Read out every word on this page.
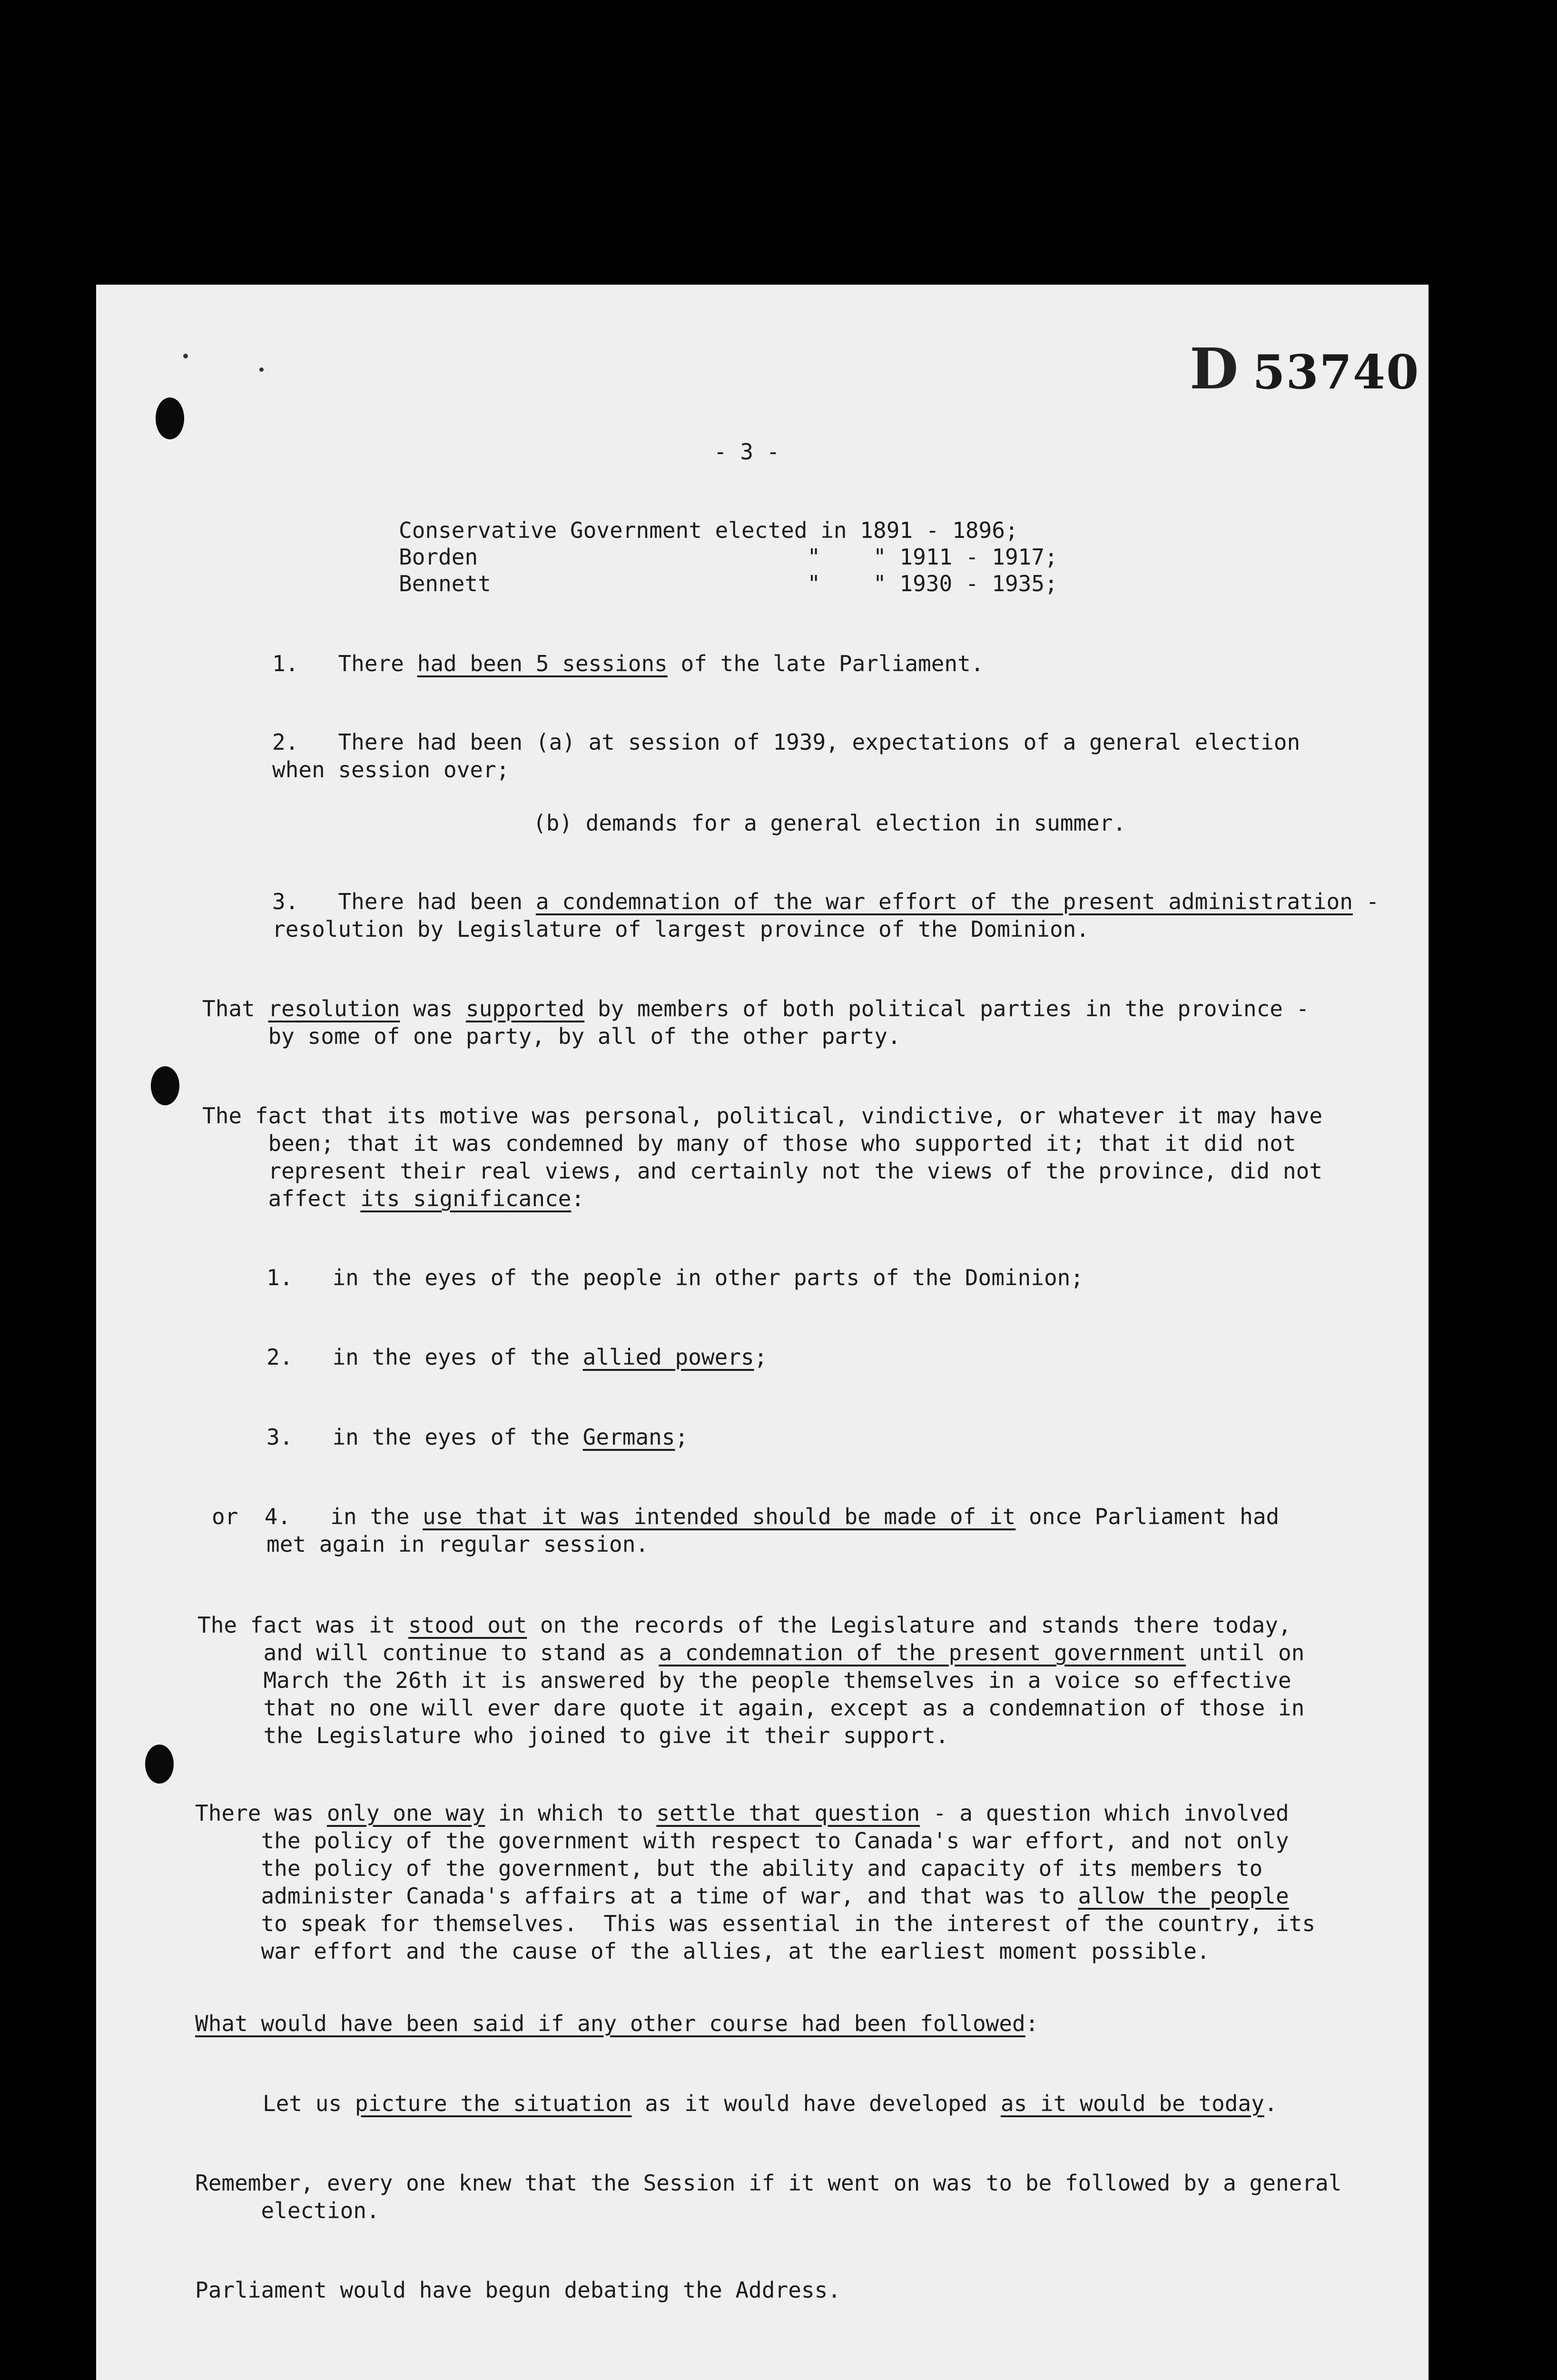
D 53740
- 3 -
Conservative Government elected in 1891 - 1896;
Borden                         "    " 1911 - 1917;
Bennett                        "    " 1930 - 1935;
1.   There had been 5 sessions of the late Parliament.
2.   There had been (a) at session of 1939, expectations of a general election
when session over;
(b) demands for a general election in summer.
3.   There had been a condemnation of the war effort of the present administration -
resolution by Legislature of largest province of the Dominion.
That resolution was supported by members of both political parties in the province -
by some of one party, by all of the other party.
The fact that its motive was personal, political, vindictive, or whatever it may have
been; that it was condemned by many of those who supported it; that it did not
represent their real views, and certainly not the views of the province, did not
affect its significance:
1.   in the eyes of the people in other parts of the Dominion;
2.   in the eyes of the allied powers;
3.   in the eyes of the Germans;
or  4.   in the use that it was intended should be made of it once Parliament had
met again in regular session.
The fact was it stood out on the records of the Legislature and stands there today,
and will continue to stand as a condemnation of the present government until on
March the 26th it is answered by the people themselves in a voice so effective
that no one will ever dare quote it again, except as a condemnation of those in
the Legislature who joined to give it their support.
There was only one way in which to settle that question - a question which involved
the policy of the government with respect to Canada's war effort, and not only
the policy of the government, but the ability and capacity of its members to
administer Canada's affairs at a time of war, and that was to allow the people
to speak for themselves.  This was essential in the interest of the country, its
war effort and the cause of the allies, at the earliest moment possible.
What would have been said if any other course had been followed:
Let us picture the situation as it would have developed as it would be today.
Remember, every one knew that the Session if it went on was to be followed by a general
election.
Parliament would have begun debating the Address.
